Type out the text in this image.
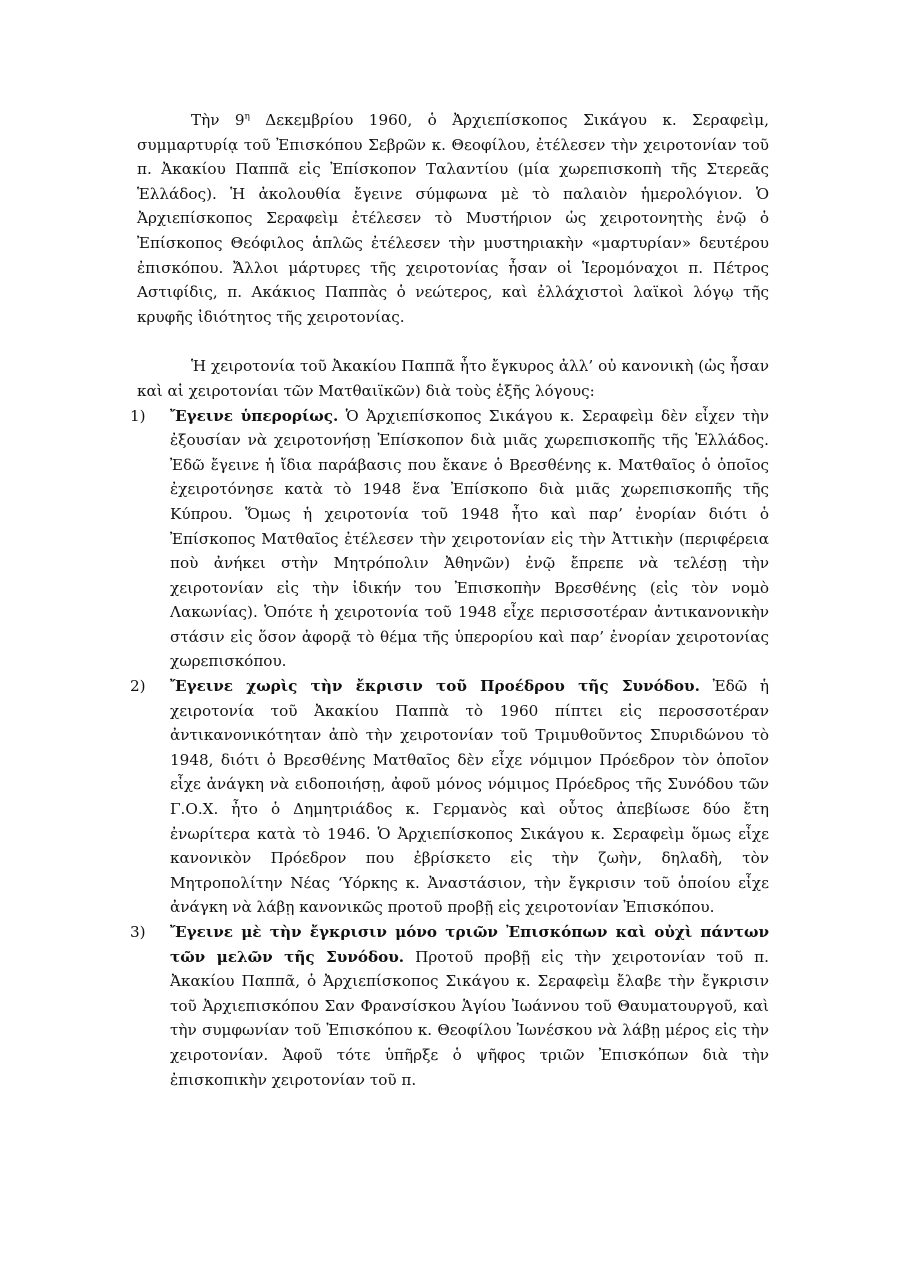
Τὴν $9^\eta$ Δεκεμβρίου 1960, ὁ Ἀρχιεπίσκοπος Σικάγου κ. Σεραφεὶμ, συμμαρτυρίᾳ τοῦ Ἐπισκόπου Σεβρῶν κ. Θεοφίλου, ἐτέλεσεν τὴν χειροτονίαν τοῦ π. Ἀκακίου Παππᾶ εἰς Ἐπίσκοπον Ταλαντίου (μία χωρεπισκοπὴ τῆς Στερεᾶς Ἑλλάδος). Ἡ ἀκολουθία ἔγεινε σύμφωνα μὲ τὸ παλαιὸν ἡμερολόγιον. Ὁ Ἀρχιεπίσκοπος Σεραφεὶμ ἐτέλεσεν τὸ Μυστήριον ὡς χειροτονητὴς ἐνῷ ὁ Ἐπίσκοπος Θεόφιλος ἁπλῶς ἐτέλεσεν τὴν μυστηριακὴν «μαρτυρίαν» δευτέρου ἐπισκόπου. Ἄλλοι μάρτυρες τῆς χειροτονίας ἦσαν οἱ Ἱερομόναχοι π. Πέτρος Αστιφίδις, π. Ακάκιος Παππὰς ὁ νεώτερος, καὶ ἐλλάχιστοὶ λαϊκοὶ λόγῳ τῆς κρυφῆς ἰδιότητος τῆς χειροτονίας.

Ἡ χειροτονία τοῦ Ἀκακίου Παππᾶ ἦτο ἔγκυρος ἀλλ’ οὐ κανονικὴ (ὡς ἦσαν καὶ αἱ χειροτονίαι τῶν Ματθαιϊκῶν) διὰ τοὺς ἑξῆς λόγους:

1) Ἔγεινε ὑπερορίως. Ὁ Ἀρχιεπίσκοπος Σικάγου κ. Σεραφεὶμ δὲν εἶχεν τὴν ἐξουσίαν νὰ χειροτονήσῃ Ἐπίσκοπον διὰ μιᾶς χωρεπισκοπῆς τῆς Ἑλλάδος. Ἐδῶ ἔγεινε ἡ ἴδια παράβασις που ἔκανε ὁ Βρεσθένης κ. Ματθαῖος ὁ ὁποῖος ἐχειροτόνησε κατὰ τὸ 1948 ἕνα Ἐπίσκοπο διὰ μιᾶς χωρεπισκοπῆς τῆς Κύπρου. Ὅμως ἡ χειροτονία τοῦ 1948 ἦτο καὶ παρ’ ἐνορίαν διότι ὁ Ἐπίσκοπος Ματθαῖος ἐτέλεσεν τὴν χειροτονίαν εἰς τὴν Ἀττικὴν (περιφέρεια ποὺ ἀνήκει στὴν Μητρόπολιν Ἀθηνῶν) ἐνῷ ἔπρεπε νὰ τελέσῃ τὴν χειροτονίαν εἰς τὴν ἰδικήν του Ἐπισκοπὴν Βρεσθένης (εἰς τὸν νομὸ Λακωνίας). Ὁπότε ἡ χειροτονία τοῦ 1948 εἶχε περισσοτέραν ἀντικανονικὴν στάσιν εἰς ὅσον ἀφορᾷ τὸ θέμα τῆς ὑπερορίου καὶ παρ’ ἐνορίαν χειροτονίας χωρεπισκόπου.
2) Ἔγεινε χωρὶς τὴν ἔκρισιν τοῦ Προέδρου τῆς Συνόδου. Ἐδῶ ἡ χειροτονία τοῦ Ἀκακίου Παππὰ τὸ 1960 πίπτει εἰς περοσσοτέραν ἀντικανονικότηταν ἀπὸ τὴν χειροτονίαν τοῦ Τριμυθοῦντος Σπυριδώνου τὸ 1948, διότι ὁ Βρεσθένης Ματθαῖος δὲν εἶχε νόμιμον Πρόεδρον τὸν ὁποῖον εἶχε ἀνάγκη νὰ ειδοποιήσῃ, ἀφοῦ μόνος νόμιμος Πρόεδρος τῆς Συνόδου τῶν Γ.Ο.Χ. ἦτο ὁ Δημητριάδος κ. Γερμανὸς καὶ οὗτος ἀπεβίωσε δύο ἔτη ἐνωρίτερα κατὰ τὸ 1946. Ὁ Ἀρχιεπίσκοπος Σικάγου κ. Σεραφεὶμ ὅμως εἶχε κανονικὸν Πρόεδρον που ἐβρίσκετο εἰς τὴν ζωὴν, δηλαδὴ, τὸν Μητροπολίτην Νέας ‘Υόρκης κ. Ἀναστάσιον, τὴν ἔγκρισιν τοῦ ὁποίου εἶχε ἀνάγκη νὰ λάβῃ κανονικῶς προτοῦ προβῇ εἰς χειροτονίαν Ἐπισκόπου.
3) Ἔγεινε μὲ τὴν ἔγκρισιν μόνο τριῶν Ἐπισκόπων καὶ οὐχὶ πάντων τῶν μελῶν τῆς Συνόδου. Προτοῦ προβῇ εἰς τὴν χειροτονίαν τοῦ π. Ἀκακίου Παππᾶ, ὁ Ἀρχιεπίσκοπος Σικάγου κ. Σεραφεὶμ ἔλαβε τὴν ἔγκρισιν τοῦ Ἀρχιεπισκόπου Σαν Φρανσίσκου Ἁγίου Ἰωάννου τοῦ Θαυματουργοῦ, καὶ τὴν συμφωνίαν τοῦ Ἐπισκόπου κ. Θεοφίλου Ἰωνέσκου νὰ λάβῃ μέρος εἰς τὴν χειροτονίαν. Ἀφοῦ τότε ὑπῆρξε ὁ ψῆφος τριῶν Ἐπισκόπων διὰ τὴν ἐπισκοπικὴν χειροτονίαν τοῦ π.
